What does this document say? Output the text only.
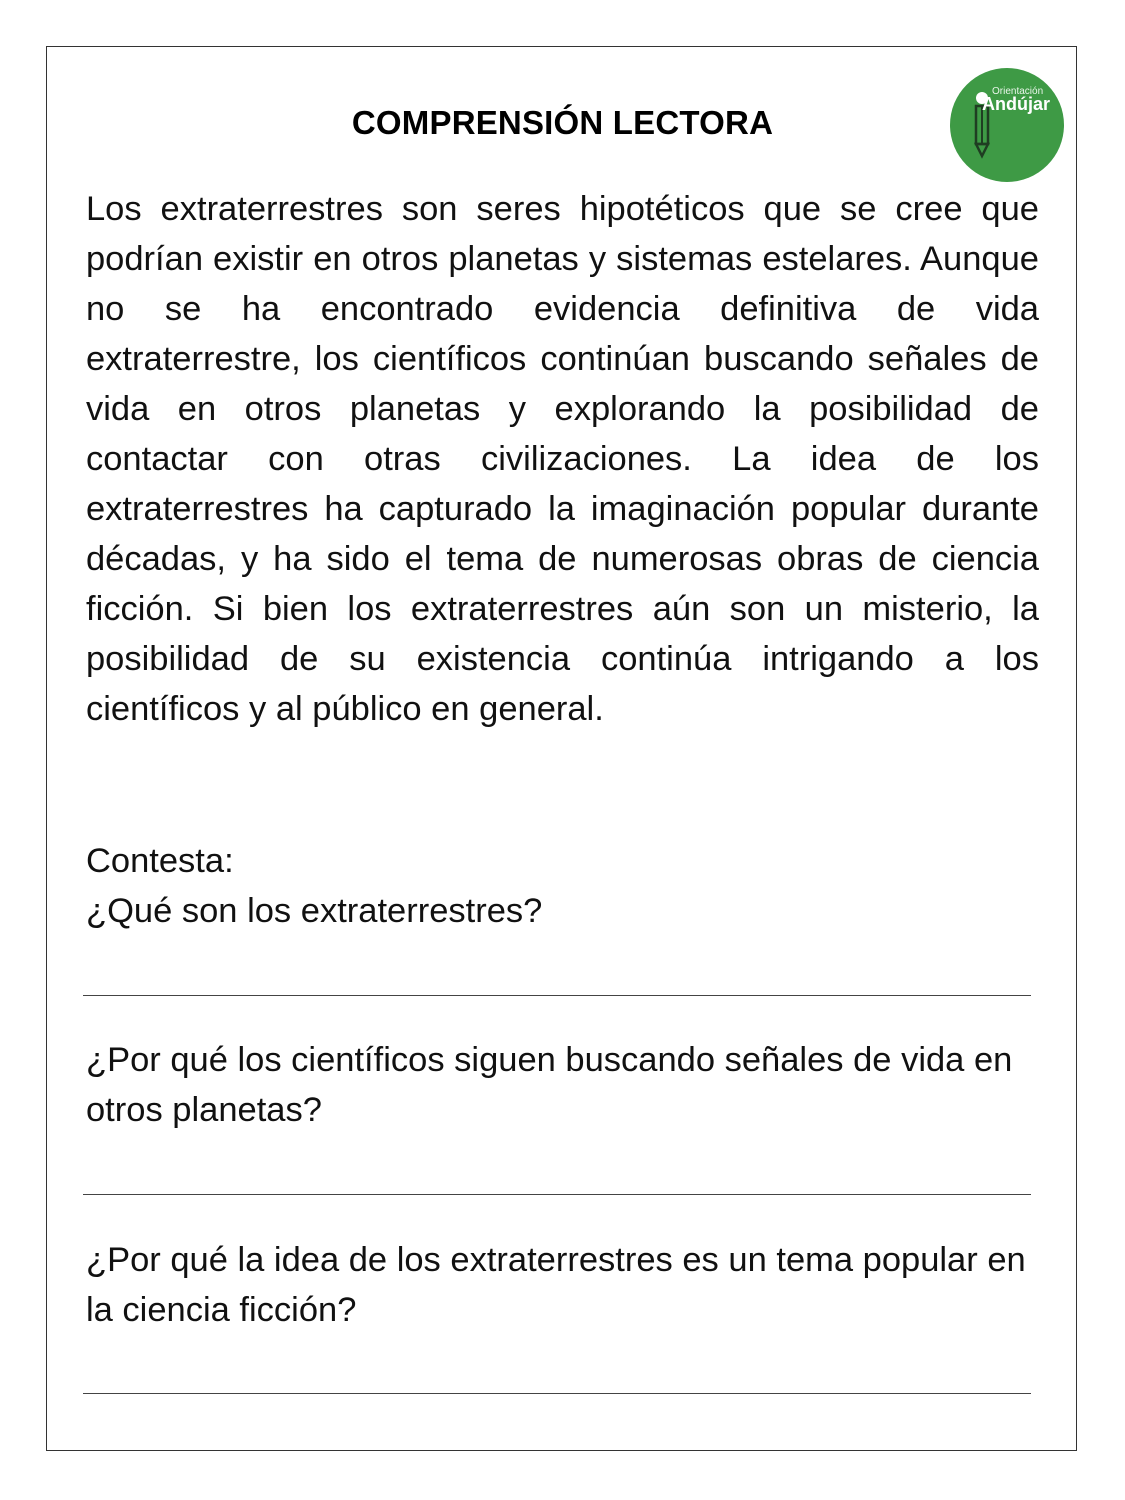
COMPRENSIÓN LECTORA
Orientación
Andújar

Los extraterrestres son seres hipotéticos que se cree que podrían existir en otros planetas y sistemas estelares. Aunque no se ha encontrado evidencia definitiva de vida extraterrestre, los científicos continúan buscando señales de vida en otros planetas y explorando la posibilidad de contactar con otras civilizaciones. La idea de los extraterrestres ha capturado la imaginación popular durante décadas, y ha sido el tema de numerosas obras de ciencia ficción. Si bien los extraterrestres aún son un misterio, la posibilidad de su existencia continúa intrigando a los científicos y al público en general.

Contesta:
¿Qué son los extraterrestres?
¿Por qué los científicos siguen buscando señales de vida en otros planetas?
¿Por qué la idea de los extraterrestres es un tema popular en la ciencia ficción?
